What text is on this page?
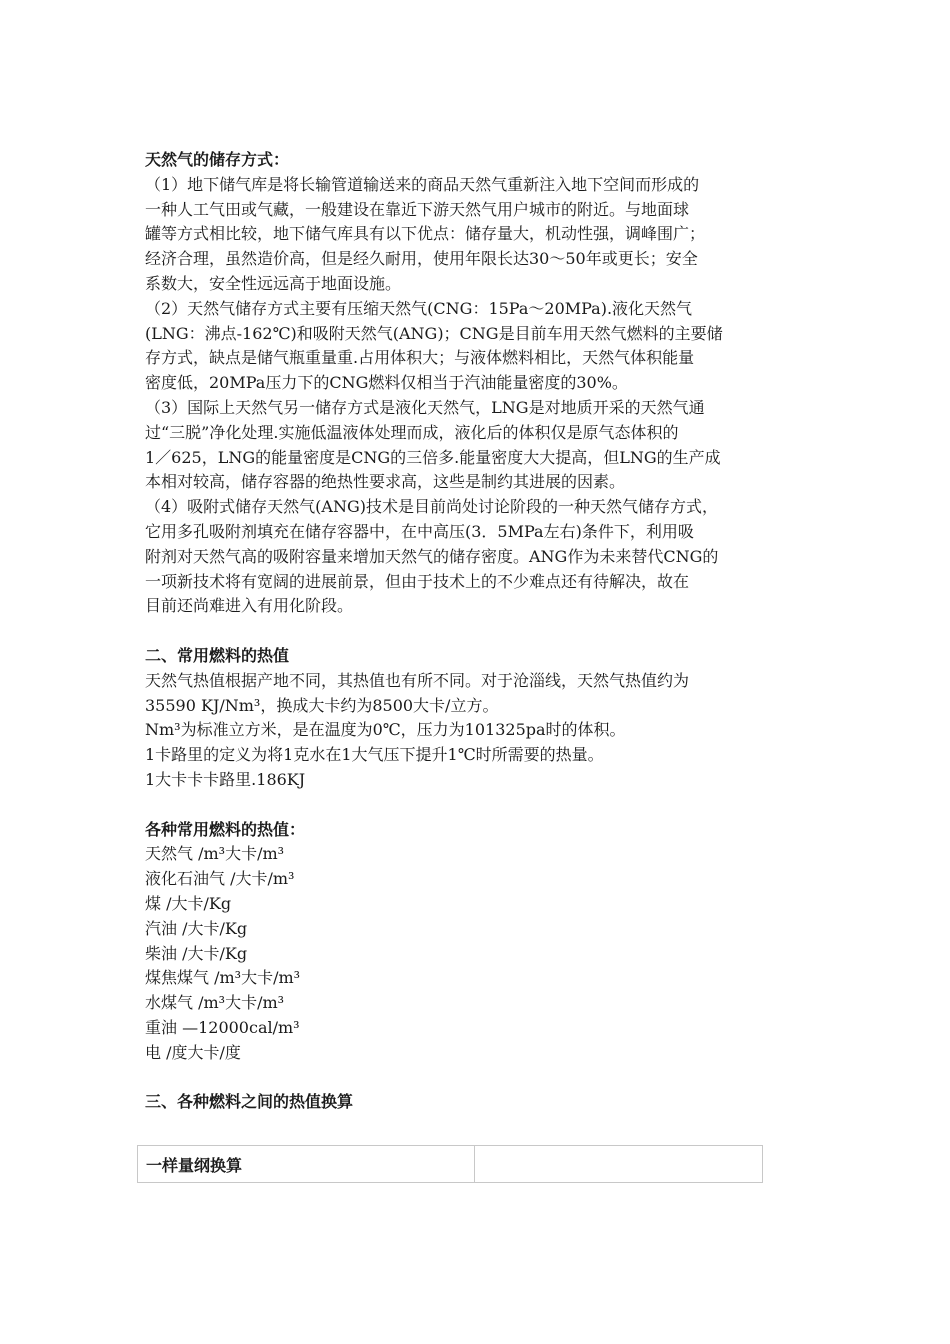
天然气的储存方式：

（1）地下储气库是将长输管道输送来的商品天然气重新注入地下空间而形成的

一种人工气田或气藏，一般建设在靠近下游天然气用户城市的附近。与地面球

罐等方式相比较，地下储气库具有以下优点：储存量大，机动性强，调峰围广；

经济合理，虽然造价高，但是经久耐用，使用年限长达30～50年或更长；安全

系数大，安全性远远高于地面设施。

（2）天然气储存方式主要有压缩天然气(CNG：15Pa～20MPa).液化天然气

(LNG：沸点-162℃)和吸附天然气(ANG)；CNG是目前车用天然气燃料的主要储

存方式，缺点是储气瓶重量重.占用体积大；与液体燃料相比，天然气体积能量

密度低，20MPa压力下的CNG燃料仅相当于汽油能量密度的30%。

（3）国际上天然气另一储存方式是液化天然气，LNG是对地质开采的天然气通

过“三脱”净化处理.实施低温液体处理而成，液化后的体积仅是原气态体积的

1／625，LNG的能量密度是CNG的三倍多.能量密度大大提高，但LNG的生产成

本相对较高，储存容器的绝热性要求高，这些是制约其进展的因素。

（4）吸附式储存天然气(ANG)技术是目前尚处讨论阶段的一种天然气储存方式，

它用多孔吸附剂填充在储存容器中，在中高压(3．5MPa左右)条件下，利用吸

附剂对天然气高的吸附容量来增加天然气的储存密度。ANG作为未来替代CNG的

一项新技术将有宽阔的进展前景，但由于技术上的不少难点还有待解决，故在

目前还尚难进入有用化阶段。

二、常用燃料的热值

天然气热值根据产地不同，其热值也有所不同。对于沧淄线，天然气热值约为

35590 KJ/Nm³，换成大卡约为8500大卡/立方。

Nm³为标准立方米，是在温度为0℃，压力为101325pa时的体积。

1卡路里的定义为将1克水在1大气压下提升1℃时所需要的热量。

1大卡卡卡路里.186KJ

各种常用燃料的热值：

天然气 /m³大卡/m³

液化石油气 /大卡/m³

煤 /大卡/Kg

汽油 /大卡/Kg

柴油 /大卡/Kg

煤焦煤气 /m³大卡/m³

水煤气 /m³大卡/m³

重油 —12000cal/m³

电 /度大卡/度

三、各种燃料之间的热值换算

一样量纲换算	
